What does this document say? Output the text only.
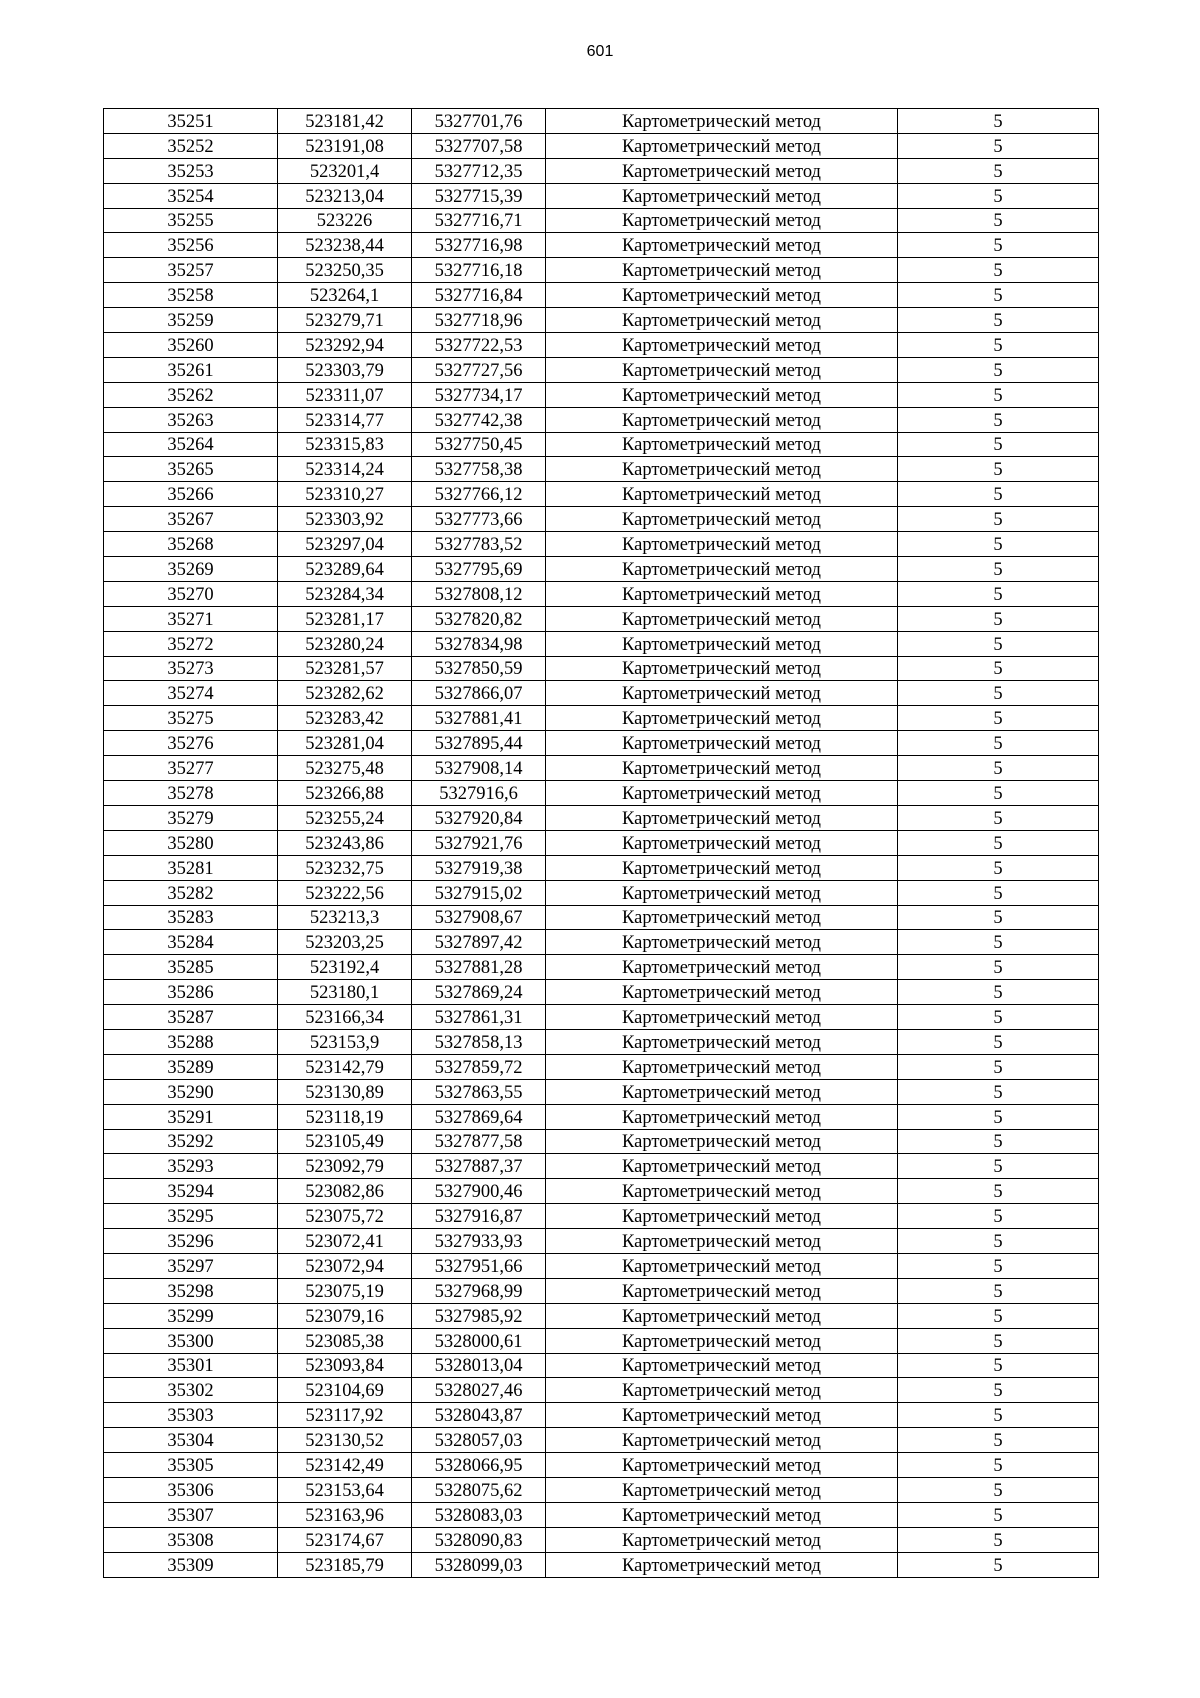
601
35251	523181,42	5327701,76	Картометрический метод	5
35252	523191,08	5327707,58	Картометрический метод	5
35253	523201,4	5327712,35	Картометрический метод	5
35254	523213,04	5327715,39	Картометрический метод	5
35255	523226	5327716,71	Картометрический метод	5
35256	523238,44	5327716,98	Картометрический метод	5
35257	523250,35	5327716,18	Картометрический метод	5
35258	523264,1	5327716,84	Картометрический метод	5
35259	523279,71	5327718,96	Картометрический метод	5
35260	523292,94	5327722,53	Картометрический метод	5
35261	523303,79	5327727,56	Картометрический метод	5
35262	523311,07	5327734,17	Картометрический метод	5
35263	523314,77	5327742,38	Картометрический метод	5
35264	523315,83	5327750,45	Картометрический метод	5
35265	523314,24	5327758,38	Картометрический метод	5
35266	523310,27	5327766,12	Картометрический метод	5
35267	523303,92	5327773,66	Картометрический метод	5
35268	523297,04	5327783,52	Картометрический метод	5
35269	523289,64	5327795,69	Картометрический метод	5
35270	523284,34	5327808,12	Картометрический метод	5
35271	523281,17	5327820,82	Картометрический метод	5
35272	523280,24	5327834,98	Картометрический метод	5
35273	523281,57	5327850,59	Картометрический метод	5
35274	523282,62	5327866,07	Картометрический метод	5
35275	523283,42	5327881,41	Картометрический метод	5
35276	523281,04	5327895,44	Картометрический метод	5
35277	523275,48	5327908,14	Картометрический метод	5
35278	523266,88	5327916,6	Картометрический метод	5
35279	523255,24	5327920,84	Картометрический метод	5
35280	523243,86	5327921,76	Картометрический метод	5
35281	523232,75	5327919,38	Картометрический метод	5
35282	523222,56	5327915,02	Картометрический метод	5
35283	523213,3	5327908,67	Картометрический метод	5
35284	523203,25	5327897,42	Картометрический метод	5
35285	523192,4	5327881,28	Картометрический метод	5
35286	523180,1	5327869,24	Картометрический метод	5
35287	523166,34	5327861,31	Картометрический метод	5
35288	523153,9	5327858,13	Картометрический метод	5
35289	523142,79	5327859,72	Картометрический метод	5
35290	523130,89	5327863,55	Картометрический метод	5
35291	523118,19	5327869,64	Картометрический метод	5
35292	523105,49	5327877,58	Картометрический метод	5
35293	523092,79	5327887,37	Картометрический метод	5
35294	523082,86	5327900,46	Картометрический метод	5
35295	523075,72	5327916,87	Картометрический метод	5
35296	523072,41	5327933,93	Картометрический метод	5
35297	523072,94	5327951,66	Картометрический метод	5
35298	523075,19	5327968,99	Картометрический метод	5
35299	523079,16	5327985,92	Картометрический метод	5
35300	523085,38	5328000,61	Картометрический метод	5
35301	523093,84	5328013,04	Картометрический метод	5
35302	523104,69	5328027,46	Картометрический метод	5
35303	523117,92	5328043,87	Картометрический метод	5
35304	523130,52	5328057,03	Картометрический метод	5
35305	523142,49	5328066,95	Картометрический метод	5
35306	523153,64	5328075,62	Картометрический метод	5
35307	523163,96	5328083,03	Картометрический метод	5
35308	523174,67	5328090,83	Картометрический метод	5
35309	523185,79	5328099,03	Картометрический метод	5
